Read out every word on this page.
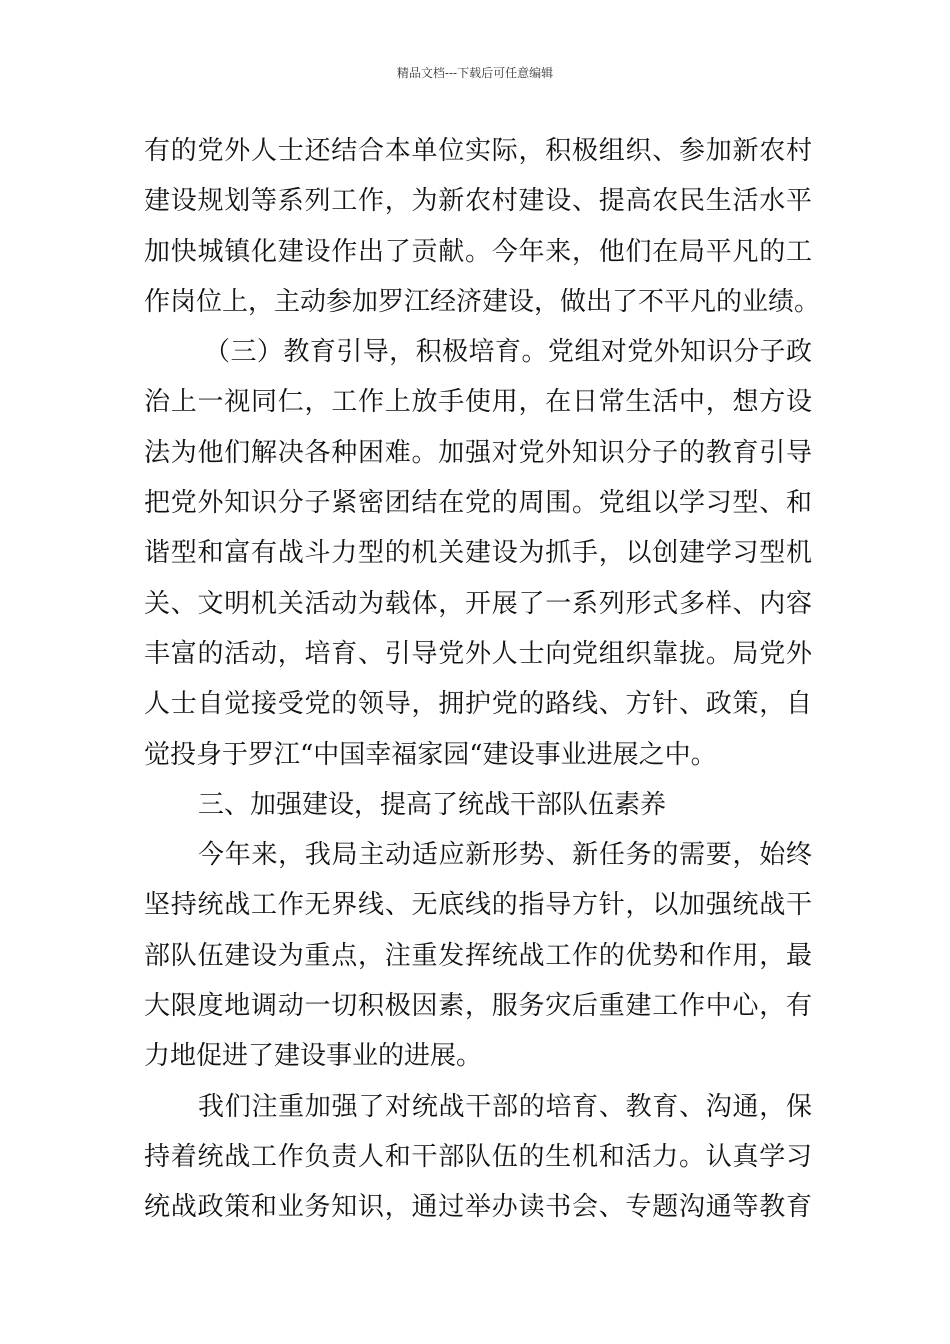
精品文档---下载后可任意编辑
有的党外人士还结合本单位实际，积极组织、参加新农村
建设规划等系列工作，为新农村建设、提高农民生活水平
加快城镇化建设作出了贡献。今年来，他们在局平凡的工
作岗位上，主动参加罗江经济建设，做出了不平凡的业绩。
（三）教育引导，积极培育。党组对党外知识分子政
治上一视同仁，工作上放手使用，在日常生活中，想方设
法为他们解决各种困难。加强对党外知识分子的教育引导
把党外知识分子紧密团结在党的周围。党组以学习型、和
谐型和富有战斗力型的机关建设为抓手，以创建学习型机
关、文明机关活动为载体，开展了一系列形式多样、内容
丰富的活动，培育、引导党外人士向党组织靠拢。局党外
人士自觉接受党的领导，拥护党的路线、方针、政策，自
觉投身于罗江“中国幸福家园“建设事业进展之中。
三、加强建设，提高了统战干部队伍素养
今年来，我局主动适应新形势、新任务的需要，始终
坚持统战工作无界线、无底线的指导方针，以加强统战干
部队伍建设为重点，注重发挥统战工作的优势和作用，最
大限度地调动一切积极因素，服务灾后重建工作中心，有
力地促进了建设事业的进展。
我们注重加强了对统战干部的培育、教育、沟通，保
持着统战工作负责人和干部队伍的生机和活力。认真学习
统战政策和业务知识，通过举办读书会、专题沟通等教育
